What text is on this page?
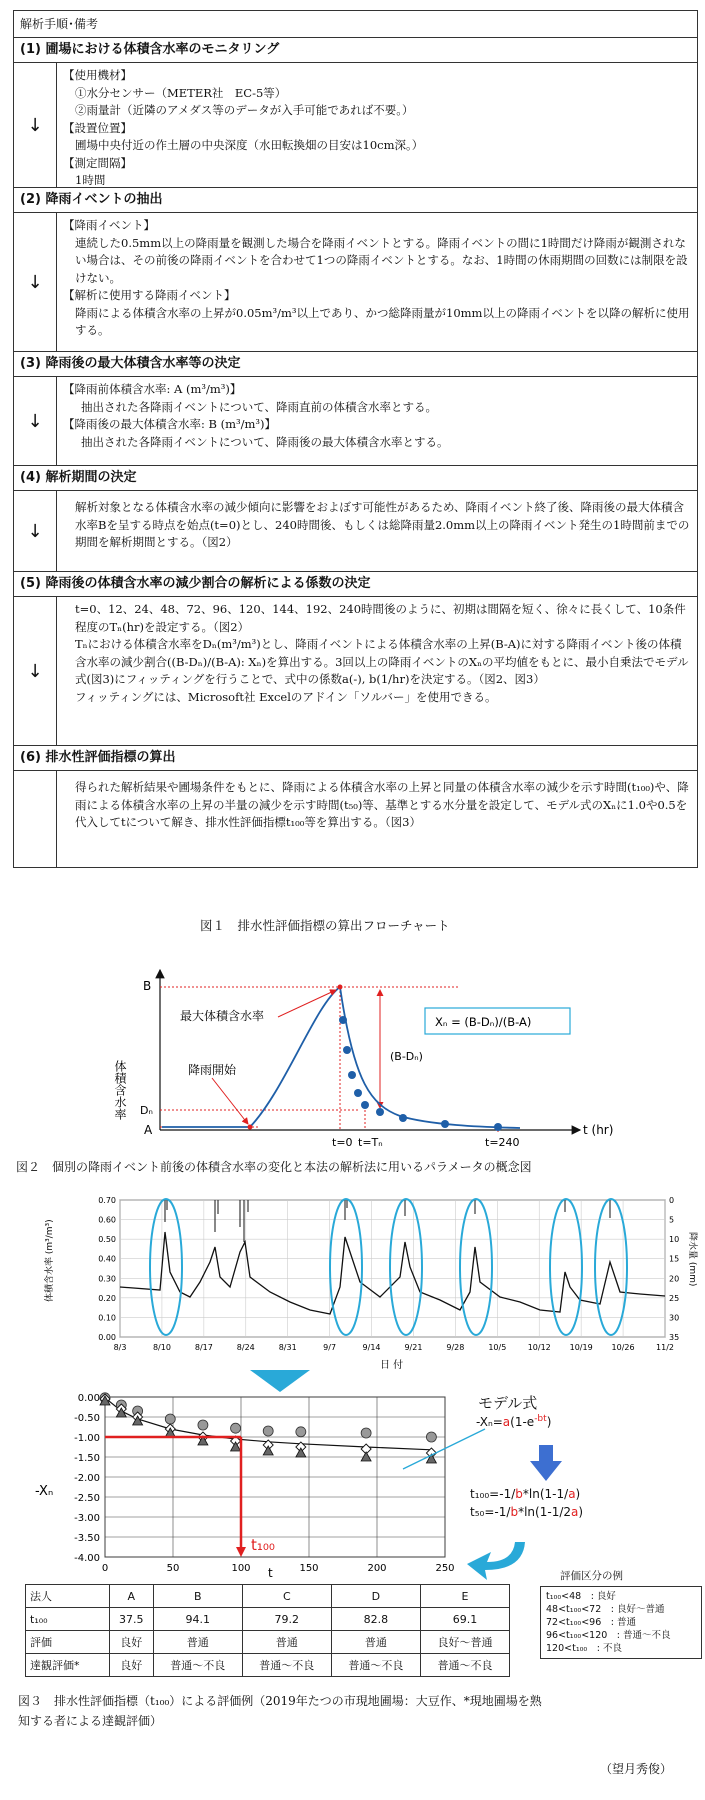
解析手順･備考
(1) 圃場における体積含水率のモニタリング
↓

【使用機材】

①水分センサー（METER社　EC-5等）

②雨量計（近隣のアメダス等のデータが入手可能であれば不要。）

【設置位置】

圃場中央付近の作土層の中央深度（水田転換畑の目安は10cm深。）

【測定間隔】

1時間

(2) 降雨イベントの抽出
↓

【降雨イベント】

連続した0.5mm以上の降雨量を観測した場合を降雨イベントとする。降雨イベントの間に1時間だけ降雨が観測されない場合は、その前後の降雨イベントを合わせて1つの降雨イベントとする。なお、1時間の休雨期間の回数には制限を設けない。

【解析に使用する降雨イベント】

降雨による体積含水率の上昇が0.05m³/m³以上であり、かつ総降雨量が10mm以上の降雨イベントを以降の解析に使用する。

(3) 降雨後の最大体積含水率等の決定
↓

【降雨前体積含水率: A (m³/m³)】

抽出された各降雨イベントについて、降雨直前の体積含水率とする。

【降雨後の最大体積含水率: B (m³/m³)】

抽出された各降雨イベントについて、降雨後の最大体積含水率とする。

(4) 解析期間の決定
↓

解析対象となる体積含水率の減少傾向に影響をおよぼす可能性があるため、降雨イベント終了後、降雨後の最大体積含水率Bを呈する時点を始点(t=0)とし、240時間後、もしくは総降雨量2.0mm以上の降雨イベント発生の1時間前までの期間を解析期間とする。（図2）

(5) 降雨後の体積含水率の減少割合の解析による係数の決定
↓

t=0、12、24、48、72、96、120、144、192、240時間後のように、初期は間隔を短く、徐々に長くして、10条件程度のTₙ(hr)を設定する。（図2）

Tₙにおける体積含水率をDₙ(m³/m³)とし、降雨イベントによる体積含水率の上昇(B-A)に対する降雨イベント後の体積含水率の減少割合((B-Dₙ)/(B-A): Xₙ)を算出する。3回以上の降雨イベントのXₙの平均値をもとに、最小自乗法でモデル式(図3)にフィッティングを行うことで、式中の係数a(-), b(1/hr)を決定する。（図2、図3）

フィッティングには、Microsoft社 Excelのアドイン「ソルバー」を使用できる。

(6) 排水性評価指標の算出

得られた解析結果や圃場条件をもとに、降雨による体積含水率の上昇と同量の体積含水率の減少を示す時間(t₁₀₀)や、降雨による体積含水率の上昇の半量の減少を示す時間(t₅₀)等、基準とする水分量を設定して、モデル式のXₙに1.0や0.5を代入してtについて解き、排水性評価指標t₁₀₀等を算出する。（図3）

図１　排水性評価指標の算出フローチャート
体積含水率
t (hr)
B
Dₙ
A
(B-Dₙ)
最大体積含水率
降雨開始
Xₙ = (B-Dₙ)/(B-A)
t=0 t=Tₙ	t=240
図２　個別の降雨イベント前後の体積含水率の変化と本法の解析法に用いるパラメータの概念図
0.00
0.10
0.20
0.30
0.40
0.50
0.60
0.70	0
5
10
15
20
25
30
35
8/3	8/10	8/17	8/24	8/31	9/7	9/14	9/21	9/28	10/5	10/12 10/19 10/26	11/2
体積含水率 (m³/m³)	降水量 (mm)
日 付
0.00
-0.50
-1.00
-1.50
-2.00
-2.50
-3.00
-3.50
-4.00
0	50	100	150	200	250
-Xₙ
t
t₁₀₀
モデル式
$-X_n=a(1-e^{-bt})$
t₁₀₀=-1/b*ln(1-1/a)
t₅₀=-1/b*ln(1-1/2a)
法人	A	B	C	D	E
t₁₀₀	37.5	94.1	79.2	82.8	69.1
評価	良好	普通	普通	普通	良好～普通
達観評価*	良好	普通～不良	普通～不良	普通～不良	普通～不良
評価区分の例
t₁₀₀<48　: 良好
48<t₁₀₀<72　: 良好～普通
72<t₁₀₀<96　: 普通
96<t₁₀₀<120　: 普通～不良
120<t₁₀₀　: 不良
図３　排水性評価指標（t₁₀₀）による評価例（2019年たつの市現地圃場：大豆作、*現地圃場を熟
知する者による達観評価）
（望月秀俊）
